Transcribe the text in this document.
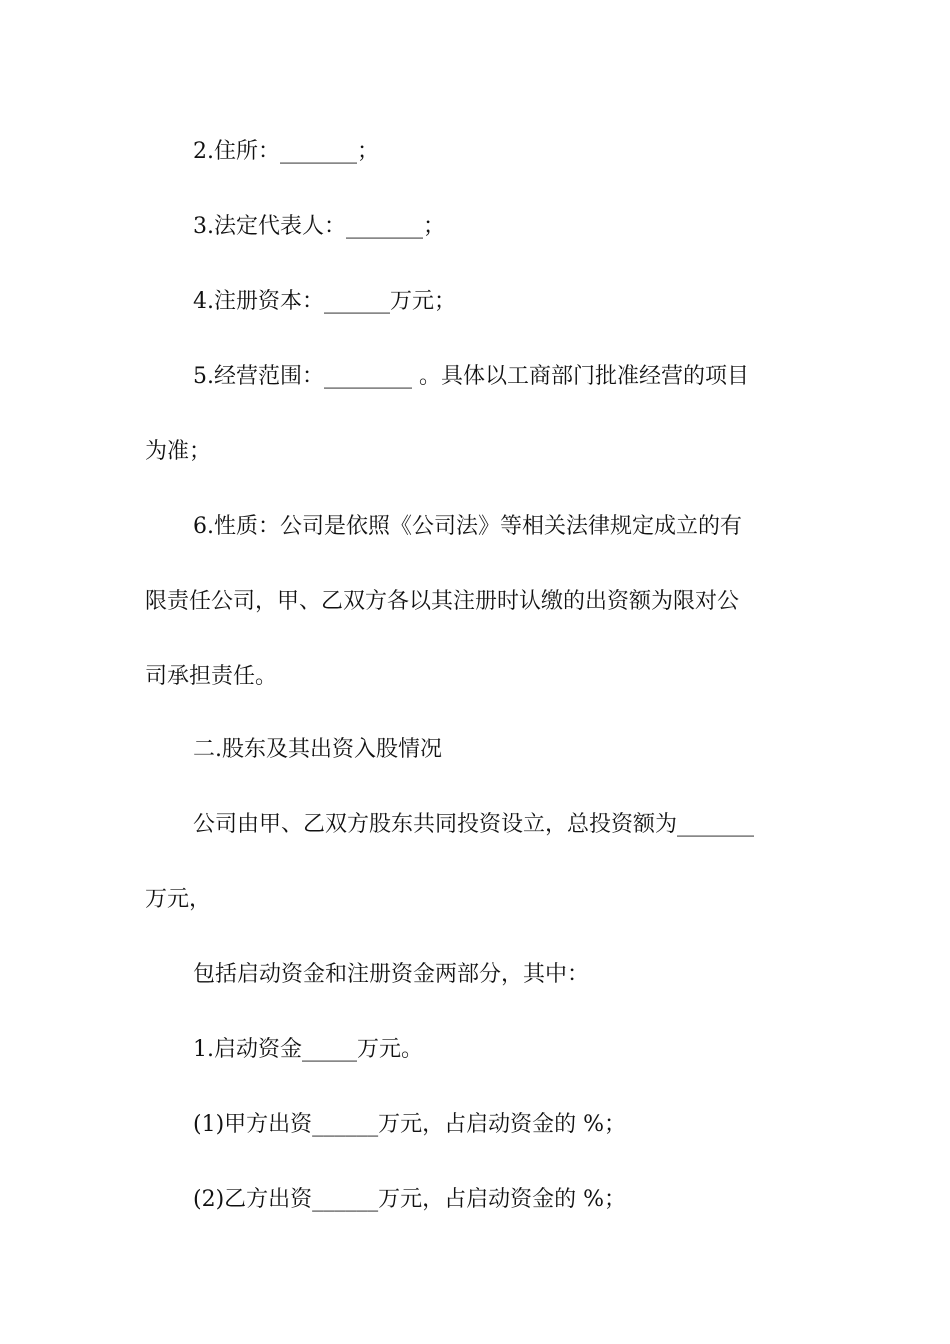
2.住所：_______；
3.法定代表人：_______；
4.注册资本：______万元；
5.经营范围：________ 。具体以工商部门批准经营的项目
为准；
6.性质：公司是依照《公司法》等相关法律规定成立的有
限责任公司，甲、乙双方各以其注册时认缴的出资额为限对公
司承担责任。
二.股东及其出资入股情况
公司由甲、乙双方股东共同投资设立，总投资额为_______
万元，
包括启动资金和注册资金两部分，其中：
1.启动资金_____万元。
(1)甲方出资______万元，占启动资金的 %；
(2)乙方出资______万元，占启动资金的 %；
